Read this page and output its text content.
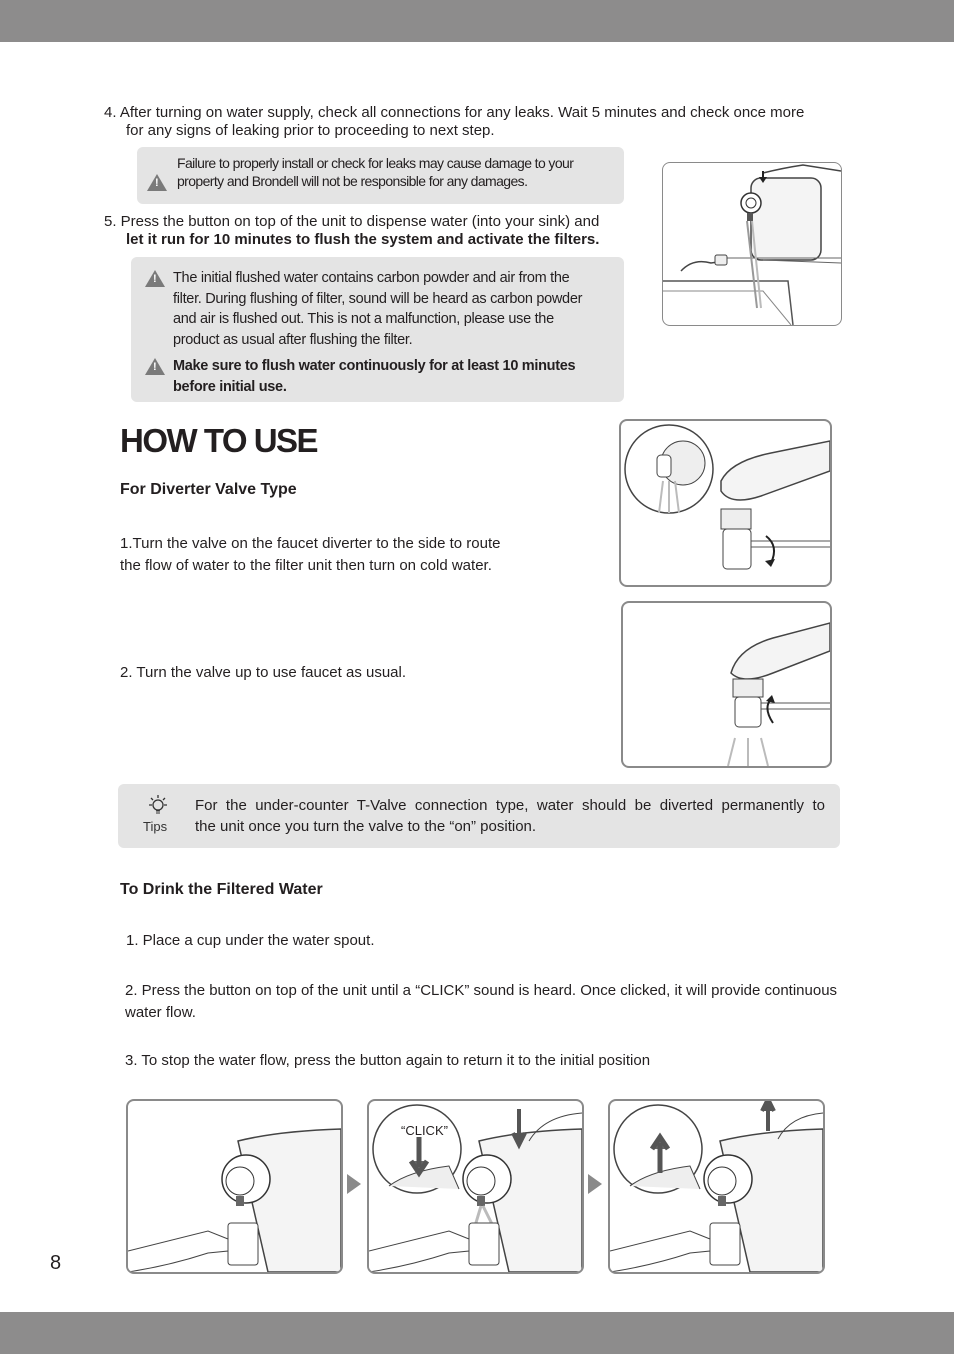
4. After turning on water supply, check all connections for any leaks. Wait 5 minutes and check once more
for any signs of leaking prior to proceeding to next step.
!
Failure to properly install or check for leaks may cause damage to your
property and Brondell will not be responsible for any damages.
5. Press the button on top of the unit to dispense water (into your sink) and
let it run for 10 minutes to flush the system and activate the filters.
!
The initial flushed water contains carbon powder and air from the
filter. During flushing of filter, sound will be heard as carbon powder
and air is flushed out. This is not a malfunction, please use the
product as usual after flushing the filter.
!
Make sure to flush water continuously for at least 10 minutes
before initial use.
HOW TO USE
For Diverter Valve Type
1.Turn the valve on the faucet diverter to the side to route
the flow of water to the filter unit then turn on cold water.
2. Turn the valve up to use faucet as usual.
Tips
For the under-counter T-Valve connection type, water should be diverted permanently to
the unit once you turn the valve to the “on” position.
To Drink the Filtered Water
1. Place a cup under the water spout.
2. Press the button on top of the unit until a “CLICK” sound is heard. Once clicked, it will provide continuous
water flow.
3. To stop the water flow, press the button again to return it to the initial position
“CLICK”
8
